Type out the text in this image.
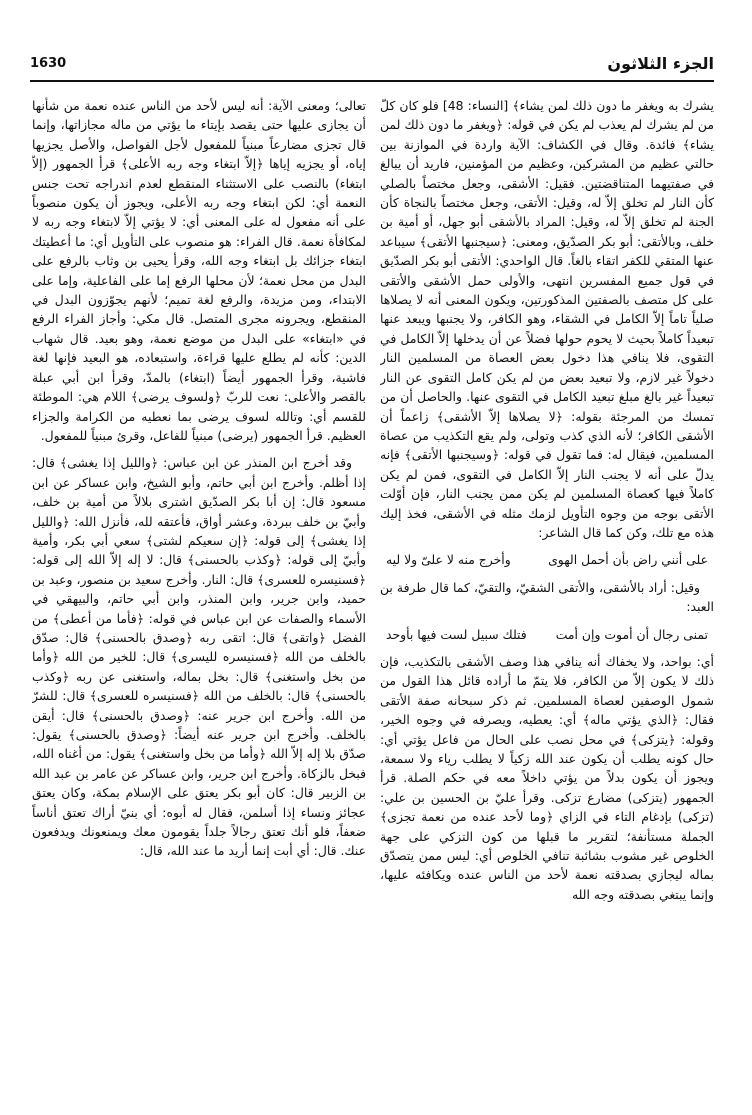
الجزء الثلاثون
1630

يشرك به ويغفر ما دون ذلك لمن يشاء﴾ [النساء: 48] فلو كان كلّ من لم يشرك لم يعذب لم يكن في قوله: ﴿ويغفر ما دون ذلك لمن يشاء﴾ فائدة. وقال في الكشاف: الآية واردة في الموازنة بين حالتي عظيم من المشركين، وعظيم من المؤمنين، فاريد أن يبالغ في صفتيهما المتناقضتين. فقيل: الأشقى، وجعل مختصاً بالصلي كأن النار لم تخلق إلاّ له، وقيل: الأتقى، وجعل مختصاً بالنجاة كأن الجنة لم تخلق إلاّ له، وقيل: المراد بالأشقى أبو جهل، أو أمية بن خلف، وبالأتقى: أبو بكر الصدّيق، ومعنى: ﴿سيجنبها الأتقى﴾ سيباعد عنها المتقي للكفر اتقاء بالغاً. قال الواحدي: الأتقى أبو بكر الصدّيق في قول جميع المفسرين انتهى، والأولى حمل الأشقى والأتقى على كل متصف بالصفتين المذكورتين، ويكون المعنى أنه لا يصلاها صلياً تاماً إلاّ الكامل في الشقاء، وهو الكافر، ولا يجنبها ويبعد عنها تبعيداً كاملاً بحيث لا يحوم حولها فضلاً عن أن يدخلها إلاّ الكامل في التقوى، فلا ينافي هذا دخول بعض العصاة من المسلمين النار دخولاً غير لازم، ولا تبعيد بعض من لم يكن كامل التقوى عن النار تبعيداً غير بالغ مبلغ تبعيد الكامل في التقوى عنها. والحاصل أن من تمسك من المرجئة بقوله: ﴿لا يصلاها إلاّ الأشقى﴾ زاعماً أن الأشقى الكافر؛ لأنه الذي كذب وتولى، ولم يقع التكذيب من عصاة المسلمين، فيقال له: فما تقول في قوله: ﴿وسيجنبها الأتقى﴾ فإنه يدلّ على أنه لا يجنب النار إلاّ الكامل في التقوى، فمن لم يكن كاملاً فيها كعصاة المسلمين لم يكن ممن يجنب النار، فإن أوّلت الأتقى بوجه من وجوه التأويل لزمك مثله في الأشقى، فخذ إليك هذه مع تلك، وكن كما قال الشاعر:

على أنني راض بأن أحمل الهوى
وأخرج منه لا علىّ ولا ليه

وقيل: أراد بالأشقى، والأتقى الشقيّ، والتقيّ، كما قال طرفة بن العبد:

تمنى رجال أن أموت وإن أمت
فتلك سبيل لست فيها بأوحد

أي: بواحد، ولا يخفاك أنه ينافي هذا وصف الأشقى بالتكذيب، فإن ذلك لا يكون إلاّ من الكافر، فلا يتمّ ما أراده قائل هذا القول من شمول الوصفين لعصاة المسلمين. ثم ذكر سبحانه صفة الأتقى فقال: ﴿الذي يؤتي ماله﴾ أي: يعطيه، ويصرفه في وجوه الخير، وقوله: ﴿يتزكى﴾ في محل نصب على الحال من فاعل يؤتي أي: حال كونه يطلب أن يكون عند الله زكياً لا يطلب رياء ولا سمعة، ويجوز أن يكون بدلاً من يؤتي داخلاً معه في حكم الصلة. قرأ الجمهور (يتزكى) مضارع تزكى. وقرأ عليّ بن الحسين بن علي: (تزكى) بإدغام التاء في الزاي ﴿وما لأحد عنده من نعمة تجزى﴾ الجملة مستأنفة؛ لتقرير ما قبلها من كون التزكي على جهة الخلوص غير مشوب بشائبة تنافي الخلوص أي: ليس ممن يتصدّق بماله ليجازي بصدقته نعمة لأحد من الناس عنده ويكافئه عليها، وإنما يبتغي بصدقته وجه الله

تعالى؛ ومعنى الآية: أنه ليس لأحد من الناس عنده نعمة من شأنها أن يجازى عليها حتى يقصد بإيتاء ما يؤتي من ماله مجازاتها، وإنما قال تجزى مضارعاً مبنياً للمفعول لأجل الفواصل، والأصل يجزيها إياه، أو يجزيه إياها ﴿إلاّ ابتغاء وجه ربه الأعلى﴾ قرأ الجمهور (إلاّ ابتغاء) بالنصب على الاستثناء المنقطع لعدم اندراجه تحت جنس النعمة أي: لكن ابتغاء وجه ربه الأعلى، ويجوز أن يكون منصوباً على أنه مفعول له على المعنى أي: لا يؤتي إلاّ لابتغاء وجه ربه لا لمكافأة نعمة. قال الفراء: هو منصوب على التأويل أي: ما أعطيتك ابتغاء جزائك بل ابتغاء وجه الله، وقرأ يحيى بن وثاب بالرفع على البدل من محل نعمة؛ لأن محلها الرفع إما على الفاعلية، وإما على الابتداء، ومن مزيدة، والرفع لغة تميم؛ لأنهم يجوّزون البدل في المنقطع، ويجرونه مجرى المتصل. قال مكي: وأجاز الفراء الرفع في «ابتغاء» على البدل من موضع نعمة، وهو بعيد. قال شهاب الدين: كأنه لم يطلع عليها قراءة، واستبعاده، هو البعيد فإنها لغة فاشية، وقرأ الجمهور أيضاً (ابتغاء) بالمدّ، وقرأ ابن أبي عبلة بالقصر والأعلى: نعت للربّ ﴿ولسوف يرضى﴾ اللام هي: الموطئة للقسم أي: وتالله لسوف يرضى بما نعطيه من الكرامة والجزاء العظيم. قرأ الجمهور (يرضى) مبنياً للفاعل، وقرئ مبنياً للمفعول.

وقد أخرج ابن المنذر عن ابن عباس: ﴿والليل إذا يغشى﴾ قال: إذا أظلم. وأخرج ابن أبي حاتم، وأبو الشيخ، وابن عساكر عن ابن مسعود قال: إن أبا بكر الصدّيق اشترى بلالاً من أمية بن خلف، وأبيّ بن خلف ببردة، وعشر أواق، فأعتقه لله، فأنزل الله: ﴿والليل إذا يغشى﴾ إلى قوله: ﴿إن سعيكم لشتى﴾ سعي أبي بكر، وأمية وأبيّ إلى قوله: ﴿وكذب بالحسنى﴾ قال: لا إله إلاّ الله إلى قوله: ﴿فسنيسره للعسرى﴾ قال: النار. وأخرج سعيد بن منصور، وعبد بن حميد، وابن جرير، وابن المنذر، وابن أبي حاتم، والبيهقي في الأسماء والصفات عن ابن عباس في قوله: ﴿فأما من أعطى﴾ من الفضل ﴿واتقى﴾ قال: اتقى ربه ﴿وصدق بالحسنى﴾ قال: صدّق بالخلف من الله ﴿فسنيسره لليسرى﴾ قال: للخير من الله ﴿وأما من بخل واستغنى﴾ قال: بخل بماله، واستغنى عن ربه ﴿وكذب بالحسنى﴾ قال: بالخلف من الله ﴿فسنيسره للعسرى﴾ قال: للشرّ من الله. وأخرج ابن جرير عنه: ﴿وصدق بالحسنى﴾ قال: أيقن بالخلف. وأخرج ابن جرير عنه أيضاً: ﴿وصدق بالحسنى﴾ يقول: صدّق بلا إله إلاّ الله ﴿وأما من بخل واستغنى﴾ يقول: من أغناه الله، فبخل بالزكاة. وأخرج ابن جرير، وابن عساكر عن عامر بن عبد الله بن الزبير قال: كان أبو بكر يعتق على الإسلام بمكة، وكان يعتق عجائز ونساء إذا أسلمن، فقال له أبوه: أي بنيّ أراك تعتق أناساً ضعفاً، فلو أنك تعتق رجالاً جلداً يقومون معك ويمنعونك ويدفعون عنك. قال: أي أبت إنما أريد ما عند الله، قال:
